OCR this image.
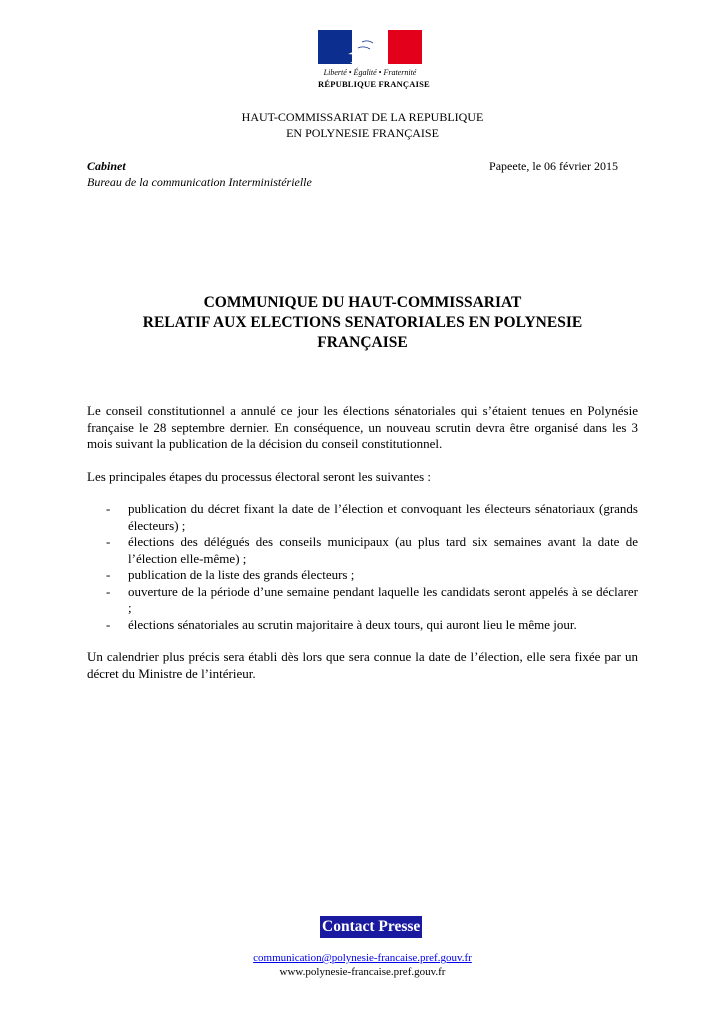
Liberté • Égalité • Fraternité
RÉPUBLIQUE FRANÇAISE
HAUT-COMMISSARIAT DE LA REPUBLIQUE
EN POLYNESIE FRANÇAISE
Cabinet
Bureau de la communication Interministérielle
Papeete, le 06 février 2015
COMMUNIQUE DU HAUT-COMMISSARIAT
RELATIF AUX ELECTIONS SENATORIALES EN POLYNESIE
FRANÇAISE

Le conseil constitutionnel a annulé ce jour les élections sénatoriales qui s’étaient tenues en Polynésie française le 28 septembre dernier. En conséquence, un nouveau scrutin devra être organisé dans les 3 mois suivant la publication de la décision du conseil constitutionnel.

Les principales étapes du processus électoral seront les suivantes :

- publication du décret fixant la date de l’élection et convoquant les électeurs sénatoriaux (grands électeurs) ;
- élections des délégués des conseils municipaux (au plus tard six semaines avant la date de l’élection elle-même) ;
- publication de la liste des grands électeurs ;
- ouverture de la période d’une semaine pendant laquelle les candidats seront appelés à se déclarer ;
- élections sénatoriales au scrutin majoritaire à deux tours, qui auront lieu le même jour.

Un calendrier plus précis sera établi dès lors que sera connue la date de l’élection, elle sera fixée par un décret du Ministre de l’intérieur.

Contact Presse
communication@polynesie-francaise.pref.gouv.fr
www.polynesie-francaise.pref.gouv.fr
